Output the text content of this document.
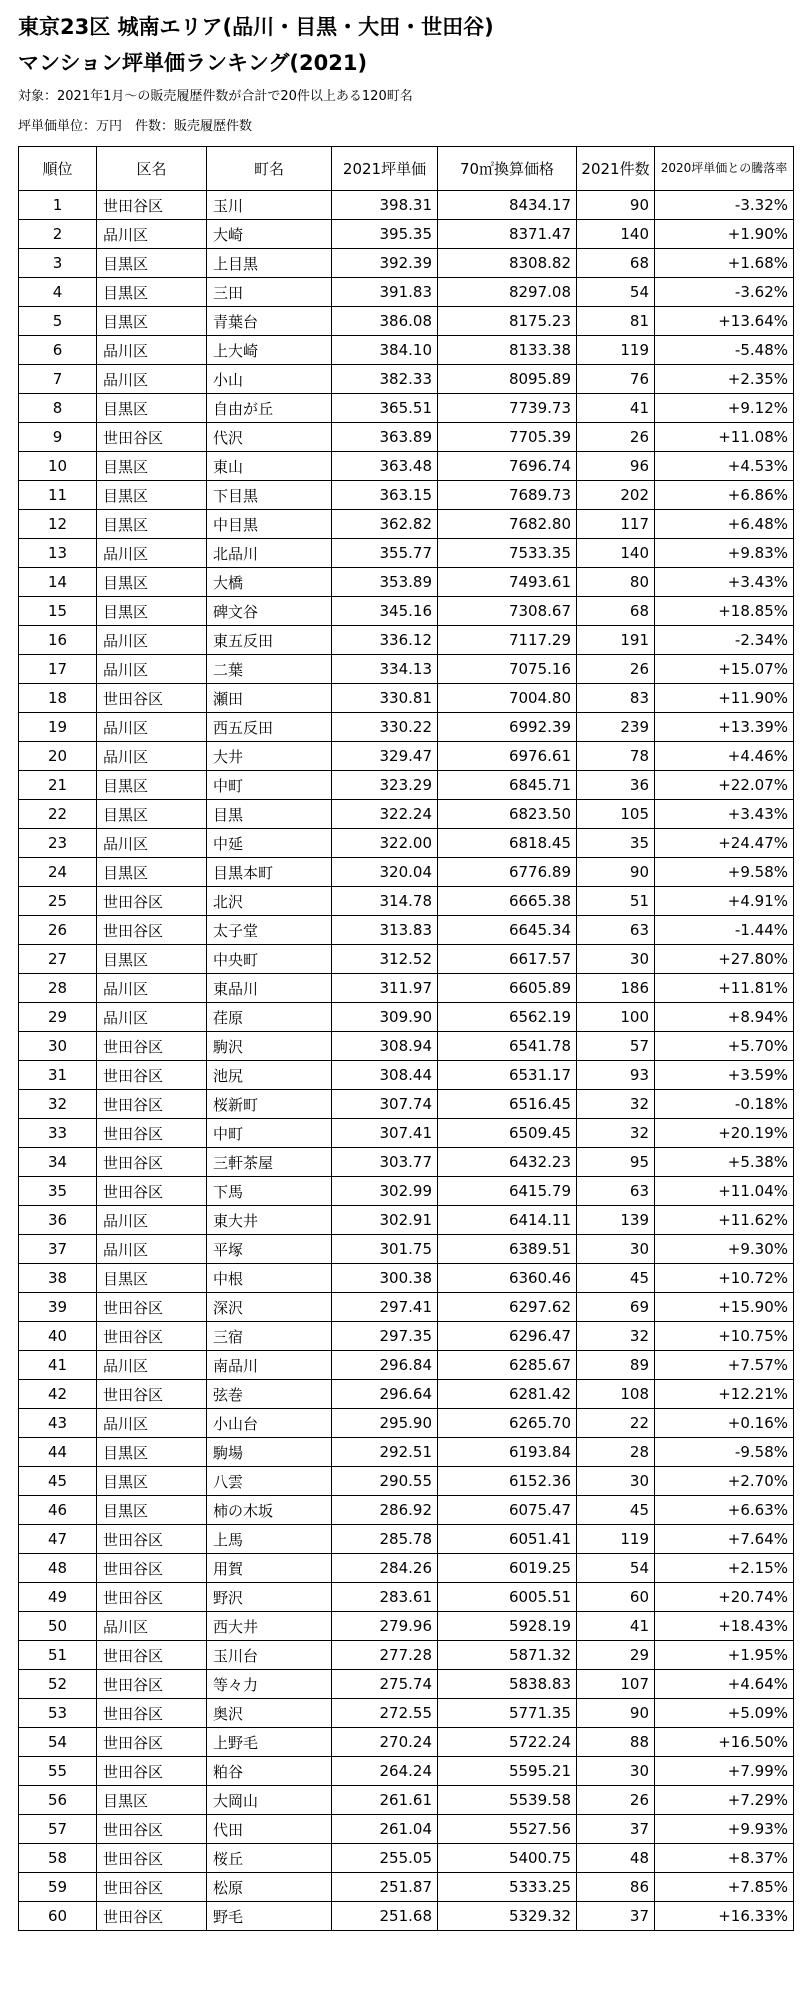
東京23区 城南エリア(品川・目黒・大田・世田谷)
マンション坪単価ランキング(2021)
対象：2021年1月～の販売履歴件数が合計で20件以上ある120町名
坪単価単位：万円　件数：販売履歴件数
順位	区名	町名	2021坪単価	70㎡換算価格	2021件数	2020坪単価との騰落率
1	世田谷区	玉川	398.31	8434.17	90	-3.32%
2	品川区	大崎	395.35	8371.47	140	+1.90%
3	目黒区	上目黒	392.39	8308.82	68	+1.68%
4	目黒区	三田	391.83	8297.08	54	-3.62%
5	目黒区	青葉台	386.08	8175.23	81	+13.64%
6	品川区	上大崎	384.10	8133.38	119	-5.48%
7	品川区	小山	382.33	8095.89	76	+2.35%
8	目黒区	自由が丘	365.51	7739.73	41	+9.12%
9	世田谷区	代沢	363.89	7705.39	26	+11.08%
10	目黒区	東山	363.48	7696.74	96	+4.53%
11	目黒区	下目黒	363.15	7689.73	202	+6.86%
12	目黒区	中目黒	362.82	7682.80	117	+6.48%
13	品川区	北品川	355.77	7533.35	140	+9.83%
14	目黒区	大橋	353.89	7493.61	80	+3.43%
15	目黒区	碑文谷	345.16	7308.67	68	+18.85%
16	品川区	東五反田	336.12	7117.29	191	-2.34%
17	品川区	二葉	334.13	7075.16	26	+15.07%
18	世田谷区	瀬田	330.81	7004.80	83	+11.90%
19	品川区	西五反田	330.22	6992.39	239	+13.39%
20	品川区	大井	329.47	6976.61	78	+4.46%
21	目黒区	中町	323.29	6845.71	36	+22.07%
22	目黒区	目黒	322.24	6823.50	105	+3.43%
23	品川区	中延	322.00	6818.45	35	+24.47%
24	目黒区	目黒本町	320.04	6776.89	90	+9.58%
25	世田谷区	北沢	314.78	6665.38	51	+4.91%
26	世田谷区	太子堂	313.83	6645.34	63	-1.44%
27	目黒区	中央町	312.52	6617.57	30	+27.80%
28	品川区	東品川	311.97	6605.89	186	+11.81%
29	品川区	荏原	309.90	6562.19	100	+8.94%
30	世田谷区	駒沢	308.94	6541.78	57	+5.70%
31	世田谷区	池尻	308.44	6531.17	93	+3.59%
32	世田谷区	桜新町	307.74	6516.45	32	-0.18%
33	世田谷区	中町	307.41	6509.45	32	+20.19%
34	世田谷区	三軒茶屋	303.77	6432.23	95	+5.38%
35	世田谷区	下馬	302.99	6415.79	63	+11.04%
36	品川区	東大井	302.91	6414.11	139	+11.62%
37	品川区	平塚	301.75	6389.51	30	+9.30%
38	目黒区	中根	300.38	6360.46	45	+10.72%
39	世田谷区	深沢	297.41	6297.62	69	+15.90%
40	世田谷区	三宿	297.35	6296.47	32	+10.75%
41	品川区	南品川	296.84	6285.67	89	+7.57%
42	世田谷区	弦巻	296.64	6281.42	108	+12.21%
43	品川区	小山台	295.90	6265.70	22	+0.16%
44	目黒区	駒場	292.51	6193.84	28	-9.58%
45	目黒区	八雲	290.55	6152.36	30	+2.70%
46	目黒区	柿の木坂	286.92	6075.47	45	+6.63%
47	世田谷区	上馬	285.78	6051.41	119	+7.64%
48	世田谷区	用賀	284.26	6019.25	54	+2.15%
49	世田谷区	野沢	283.61	6005.51	60	+20.74%
50	品川区	西大井	279.96	5928.19	41	+18.43%
51	世田谷区	玉川台	277.28	5871.32	29	+1.95%
52	世田谷区	等々力	275.74	5838.83	107	+4.64%
53	世田谷区	奥沢	272.55	5771.35	90	+5.09%
54	世田谷区	上野毛	270.24	5722.24	88	+16.50%
55	世田谷区	粕谷	264.24	5595.21	30	+7.99%
56	目黒区	大岡山	261.61	5539.58	26	+7.29%
57	世田谷区	代田	261.04	5527.56	37	+9.93%
58	世田谷区	桜丘	255.05	5400.75	48	+8.37%
59	世田谷区	松原	251.87	5333.25	86	+7.85%
60	世田谷区	野毛	251.68	5329.32	37	+16.33%
